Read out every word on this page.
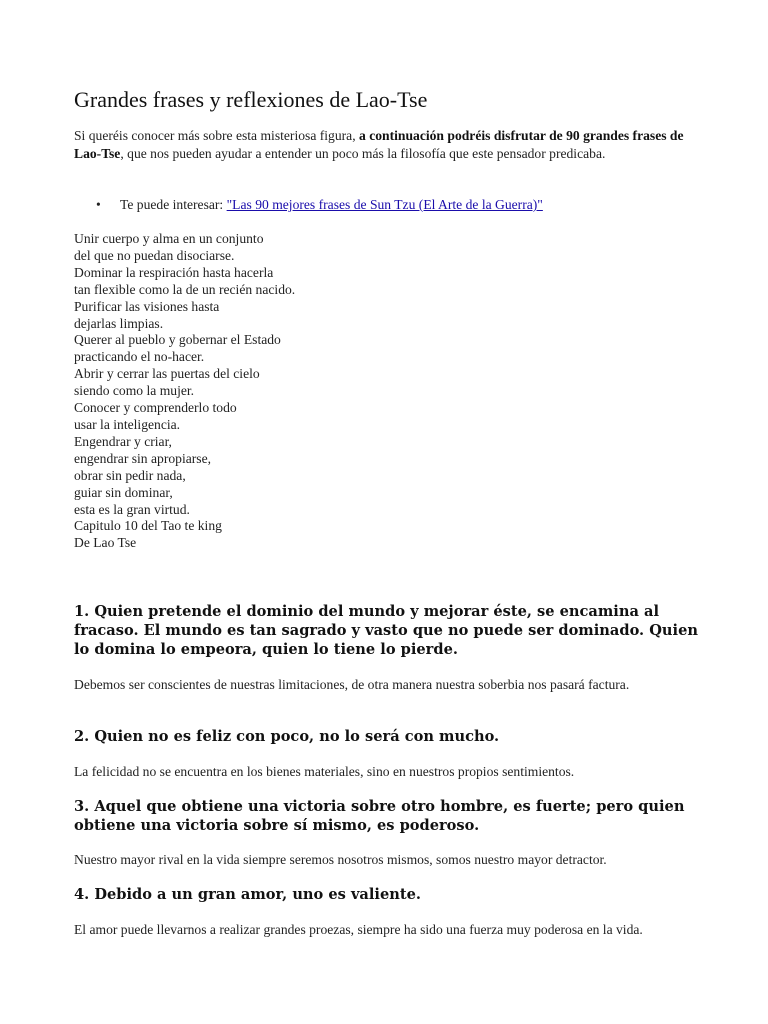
Grandes frases y reflexiones de Lao-Tse

Si queréis conocer más sobre esta misteriosa figura, a continuación podréis disfrutar de 90 grandes frases de Lao-Tse, que nos pueden ayudar a entender un poco más la filosofía que este pensador predicaba.

• Te puede interesar: "Las 90 mejores frases de Sun Tzu (El Arte de la Guerra)"
Unir cuerpo y alma en un conjunto
del que no puedan disociarse.
Dominar la respiración hasta hacerla
tan flexible como la de un recién nacido.
Purificar las visiones hasta
dejarlas limpias.
Querer al pueblo y gobernar el Estado
practicando el no-hacer.
Abrir y cerrar las puertas del cielo
siendo como la mujer.
Conocer y comprenderlo todo
usar la inteligencia.
Engendrar y criar,
engendrar sin apropiarse,
obrar sin pedir nada,
guiar sin dominar,
esta es la gran virtud.
Capitulo 10 del Tao te king
De Lao Tse
1. Quien pretende el dominio del mundo y mejorar éste, se encamina al fracaso. El mundo es tan sagrado y vasto que no puede ser dominado. Quien lo domina lo empeora, quien lo tiene lo pierde.

Debemos ser conscientes de nuestras limitaciones, de otra manera nuestra soberbia nos pasará factura.

2. Quien no es feliz con poco, no lo será con mucho.

La felicidad no se encuentra en los bienes materiales, sino en nuestros propios sentimientos.

3. Aquel que obtiene una victoria sobre otro hombre, es fuerte; pero quien obtiene una victoria sobre sí mismo, es poderoso.

Nuestro mayor rival en la vida siempre seremos nosotros mismos, somos nuestro mayor detractor.

4. Debido a un gran amor, uno es valiente.

El amor puede llevarnos a realizar grandes proezas, siempre ha sido una fuerza muy poderosa en la vida.
